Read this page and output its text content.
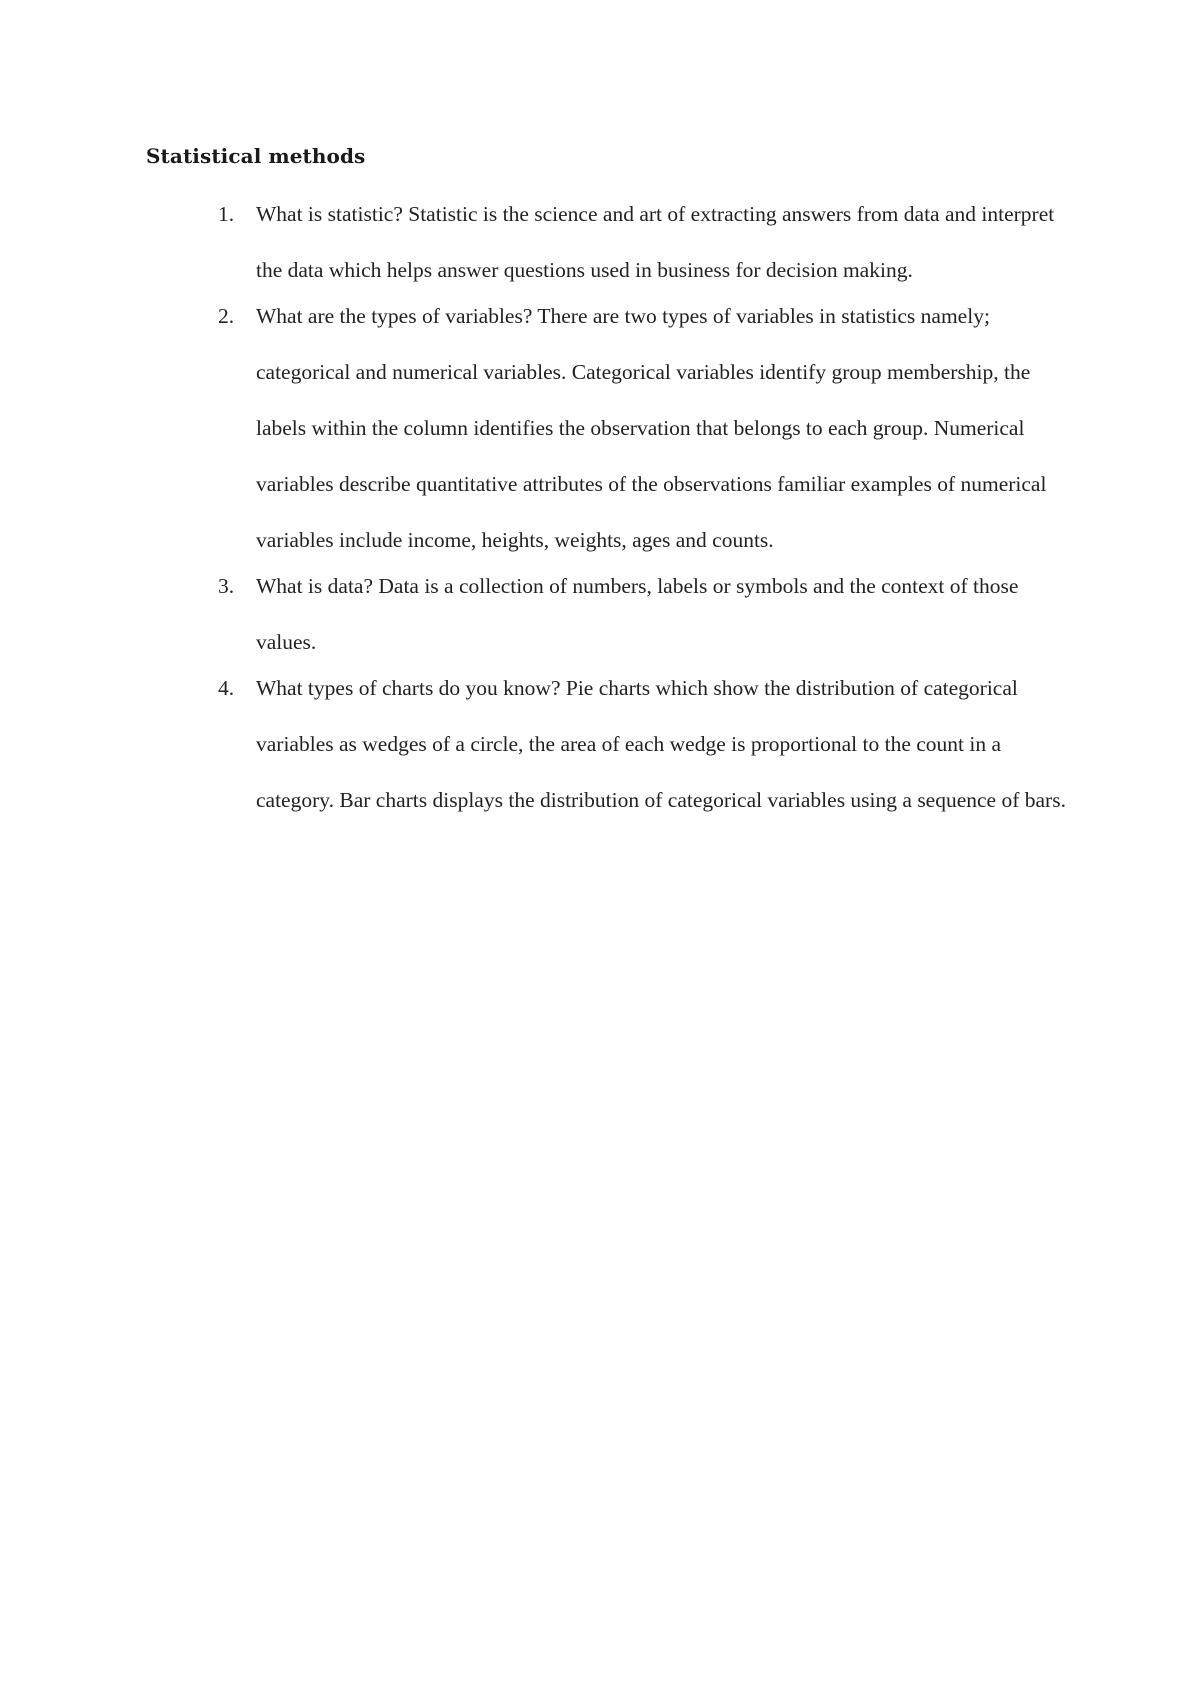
Statistical methods
1. What is statistic? Statistic is the science and art of extracting answers from data and interpret the data which helps answer questions used in business for decision making.
2. What are the types of variables? There are two types of variables in statistics namely; categorical and numerical variables. Categorical variables identify group membership, the labels within the column identifies the observation that belongs to each group. Numerical variables describe quantitative attributes of the observations familiar examples of numerical variables include income, heights, weights, ages and counts.
3. What is data? Data is a collection of numbers, labels or symbols and the context of those values.
4. What types of charts do you know? Pie charts which show the distribution of categorical variables as wedges of a circle, the area of each wedge is proportional to the count in a category. Bar charts displays the distribution of categorical variables using a sequence of bars.
